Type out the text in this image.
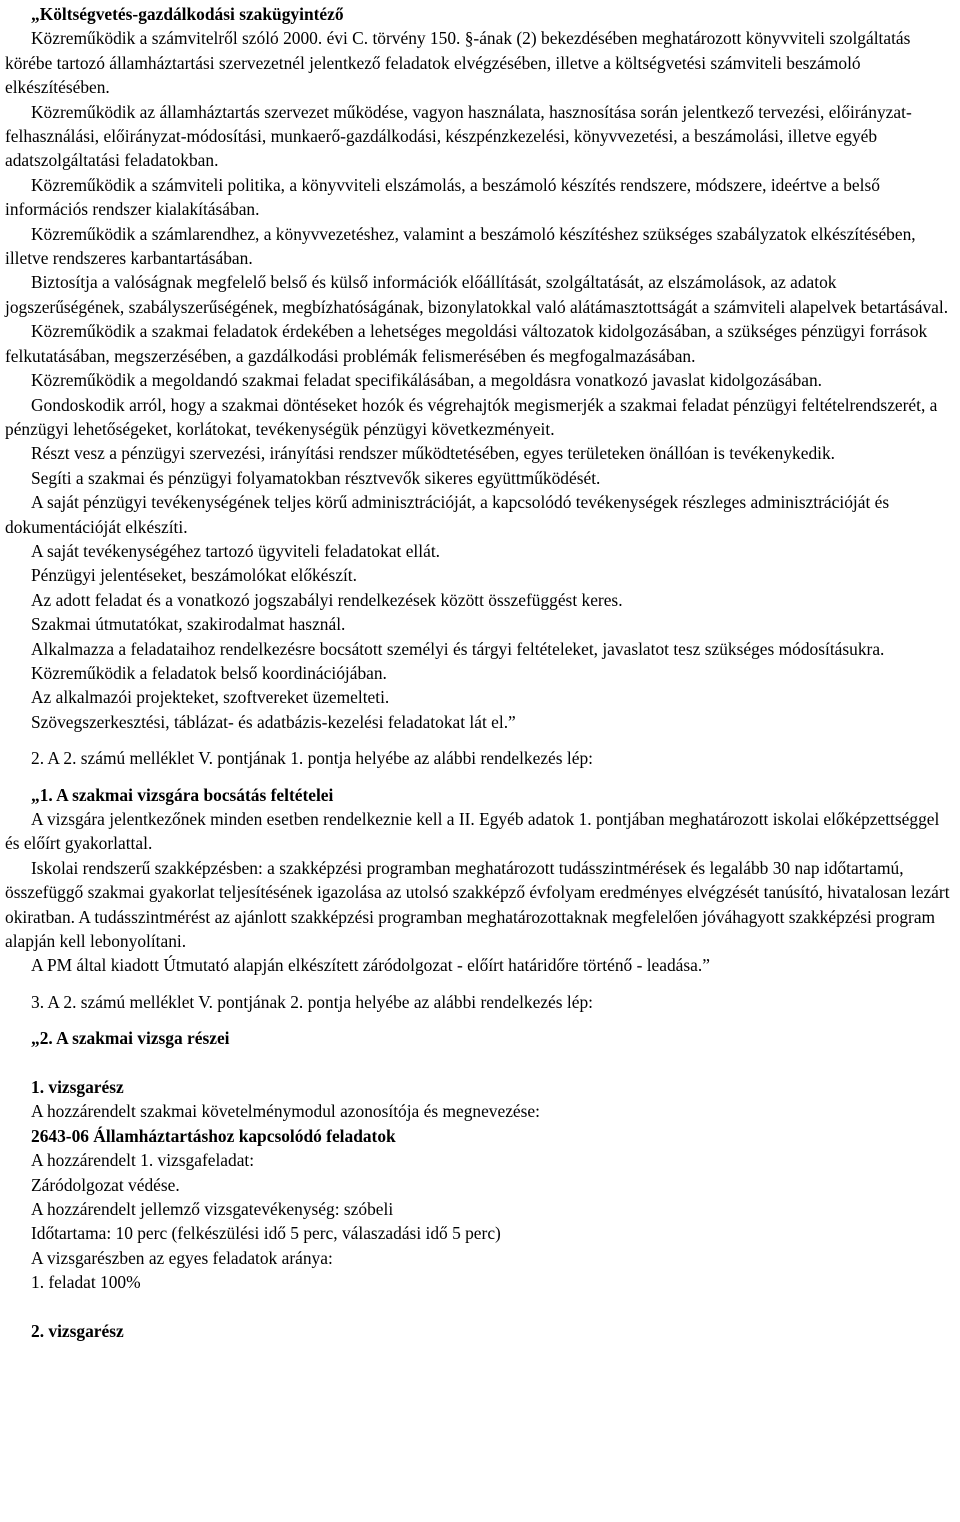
„Költségvetés-gazdálkodási szakügyintéző

Közreműködik a számvitelről szóló 2000. évi C. törvény 150. §-ának (2) bekezdésében meghatározott könyvviteli szolgáltatás körébe tartozó államháztartási szervezetnél jelentkező feladatok elvégzésében, illetve a költségvetési számviteli beszámoló elkészítésében.

Közreműködik az államháztartás szervezet működése, vagyon használata, hasznosítása során jelentkező tervezési, előirányzat-felhasználási, előirányzat-módosítási, munkaerő-gazdálkodási, készpénzkezelési, könyvvezetési, a beszámolási, illetve egyéb adatszolgáltatási feladatokban.

Közreműködik a számviteli politika, a könyvviteli elszámolás, a beszámoló készítés rendszere, módszere, ideértve a belső információs rendszer kialakításában.

Közreműködik a számlarendhez, a könyvvezetéshez, valamint a beszámoló készítéshez szükséges szabályzatok elkészítésében, illetve rendszeres karbantartásában.

Biztosítja a valóságnak megfelelő belső és külső információk előállítását, szolgáltatását, az elszámolások, az adatok jogszerűségének, szabályszerűségének, megbízhatóságának, bizonylatokkal való alátámasztottságát a számviteli alapelvek betartásával.

Közreműködik a szakmai feladatok érdekében a lehetséges megoldási változatok kidolgozásában, a szükséges pénzügyi források felkutatásában, megszerzésében, a gazdálkodási problémák felismerésében és megfogalmazásában.

Közreműködik a megoldandó szakmai feladat specifikálásában, a megoldásra vonatkozó javaslat kidolgozásában.

Gondoskodik arról, hogy a szakmai döntéseket hozók és végrehajtók megismerjék a szakmai feladat pénzügyi feltételrendszerét, a pénzügyi lehetőségeket, korlátokat, tevékenységük pénzügyi következményeit.

Részt vesz a pénzügyi szervezési, irányítási rendszer működtetésében, egyes területeken önállóan is tevékenykedik.

Segíti a szakmai és pénzügyi folyamatokban résztvevők sikeres együttműködését.

A saját pénzügyi tevékenységének teljes körű adminisztrációját, a kapcsolódó tevékenységek részleges adminisztrációját és dokumentációját elkészíti.

A saját tevékenységéhez tartozó ügyviteli feladatokat ellát.

Pénzügyi jelentéseket, beszámolókat előkészít.

Az adott feladat és a vonatkozó jogszabályi rendelkezések között összefüggést keres.

Szakmai útmutatókat, szakirodalmat használ.

Alkalmazza a feladataihoz rendelkezésre bocsátott személyi és tárgyi feltételeket, javaslatot tesz szükséges módosításukra.

Közreműködik a feladatok belső koordinációjában.

Az alkalmazói projekteket, szoftvereket üzemelteti.

Szövegszerkesztési, táblázat- és adatbázis-kezelési feladatokat lát el.”

2. A 2. számú melléklet V. pontjának 1. pontja helyébe az alábbi rendelkezés lép:

„1. A szakmai vizsgára bocsátás feltételei

A vizsgára jelentkezőnek minden esetben rendelkeznie kell a II. Egyéb adatok 1. pontjában meghatározott iskolai előképzettséggel és előírt gyakorlattal.

Iskolai rendszerű szakképzésben: a szakképzési programban meghatározott tudásszintmérések és legalább 30 nap időtartamú, összefüggő szakmai gyakorlat teljesítésének igazolása az utolsó szakképző évfolyam eredményes elvégzését tanúsító, hivatalosan lezárt okiratban. A tudásszintmérést az ajánlott szakképzési programban meghatározottaknak megfelelően jóváhagyott szakképzési program alapján kell lebonyolítani.

A PM által kiadott Útmutató alapján elkészített záródolgozat - előírt határidőre történő - leadása.”

3. A 2. számú melléklet V. pontjának 2. pontja helyébe az alábbi rendelkezés lép:

„2. A szakmai vizsga részei

1. vizsgarész

A hozzárendelt szakmai követelménymodul azonosítója és megnevezése:

2643-06 Államháztartáshoz kapcsolódó feladatok

A hozzárendelt 1. vizsgafeladat:

Záródolgozat védése.

A hozzárendelt jellemző vizsgatevékenység: szóbeli

Időtartama: 10 perc (felkészülési idő 5 perc, válaszadási idő 5 perc)

A vizsgarészben az egyes feladatok aránya:

1. feladat 100%

2. vizsgarész
